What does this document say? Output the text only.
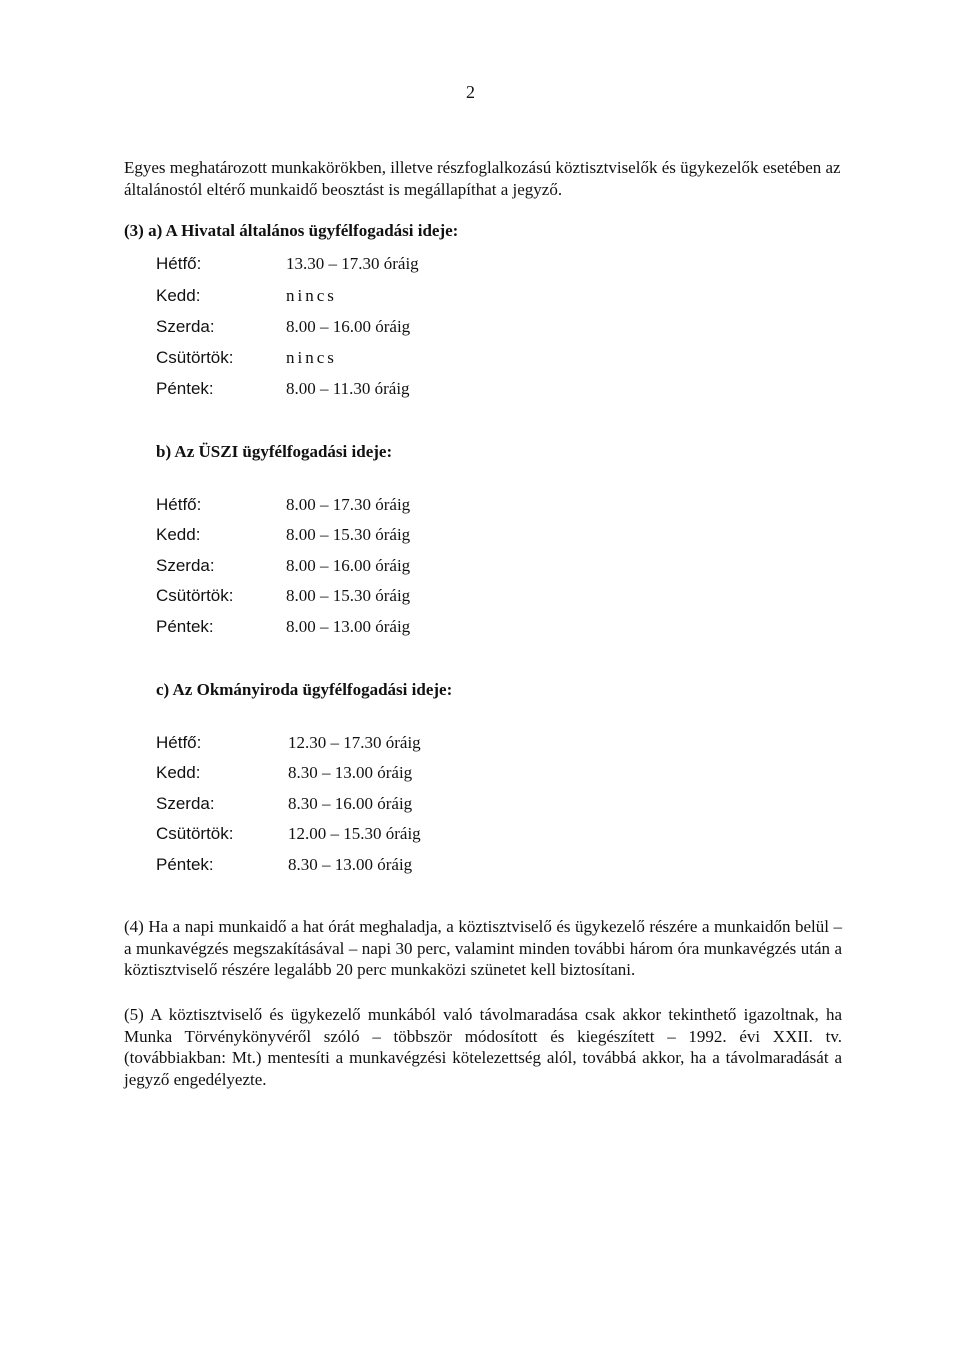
2

Egyes meghatározott munkakörökben, illetve részfoglalkozású köztisztviselők és ügykezelők esetében az általánostól eltérő munkaidő beosztást is megállapíthat a jegyző.

(3) a) A Hivatal általános ügyfélfogadási ideje:

Hétfő:	13.30 – 17.30 óráig
Kedd:	nincs
Szerda:	8.00 – 16.00 óráig
Csütörtök:	nincs
Péntek:	8.00 – 11.30 óráig

b) Az ÜSZI ügyfélfogadási ideje:

Hétfő:	8.00 – 17.30 óráig
Kedd:	8.00 – 15.30 óráig
Szerda:	8.00 – 16.00 óráig
Csütörtök:	8.00 – 15.30 óráig
Péntek:	8.00 – 13.00 óráig

c) Az Okmányiroda ügyfélfogadási ideje:

Hétfő:	12.30 – 17.30 óráig
Kedd:	8.30 – 13.00 óráig
Szerda:	8.30 – 16.00 óráig
Csütörtök:	12.00 – 15.30 óráig
Péntek:	8.30 – 13.00 óráig

(4) Ha a napi munkaidő a hat órát meghaladja, a köztisztviselő és ügykezelő részére a munkaidőn belül – a munkavégzés megszakításával – napi 30 perc, valamint minden további három óra munkavégzés után a köztisztviselő részére legalább 20 perc munkaközi szünetet kell biztosítani.

(5) A köztisztviselő és ügykezelő munkából való távolmaradása csak akkor tekinthető igazoltnak, ha Munka Törvénykönyvéről szóló – többször módosított és kiegészített – 1992. évi XXII. tv. (továbbiakban: Mt.) mentesíti a munkavégzési kötelezettség alól, továbbá akkor, ha a távolmaradását a jegyző engedélyezte.
